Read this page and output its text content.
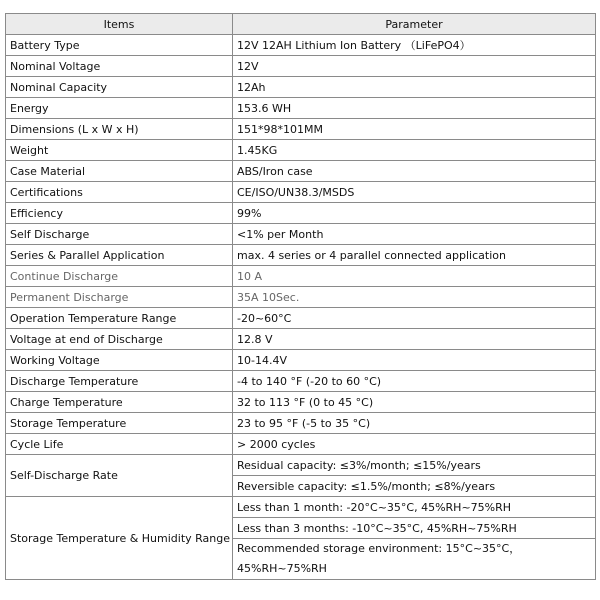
Items	Parameter
Battery Type	12V 12AH Lithium Ion Battery （LiFePO4）
Nominal Voltage	12V
Nominal Capacity	12Ah
Energy	153.6 WH
Dimensions (L x W x H)	151*98*101MM
Weight	1.45KG
Case Material	ABS/Iron case
Certifications	CE/ISO/UN38.3/MSDS
Efficiency	99%
Self Discharge	<1% per Month
Series & Parallel Application	max. 4 series or 4 parallel connected application
Continue Discharge	10 A
Permanent Discharge	35A 10Sec.
Operation Temperature Range	-20~60°C
Voltage at end of Discharge	12.8 V
Working Voltage	10-14.4V
Discharge Temperature	-4 to 140 °F (-20 to 60 °C)
Charge Temperature	32 to 113 °F (0 to 45 °C)
Storage Temperature	23 to 95 °F (-5 to 35 °C)
Cycle Life	> 2000 cycles
Self-Discharge Rate	Residual capacity: ≤3%/month; ≤15%/years
	Reversible capacity: ≤1.5%/month; ≤8%/years
Storage Temperature & Humidity Range	Less than 1 month: -20°C~35°C, 45%RH~75%RH
	Less than 3 months: -10°C~35°C, 45%RH~75%RH

	Recommended storage environment: 15°C~35°C，
45%RH~75%RH
